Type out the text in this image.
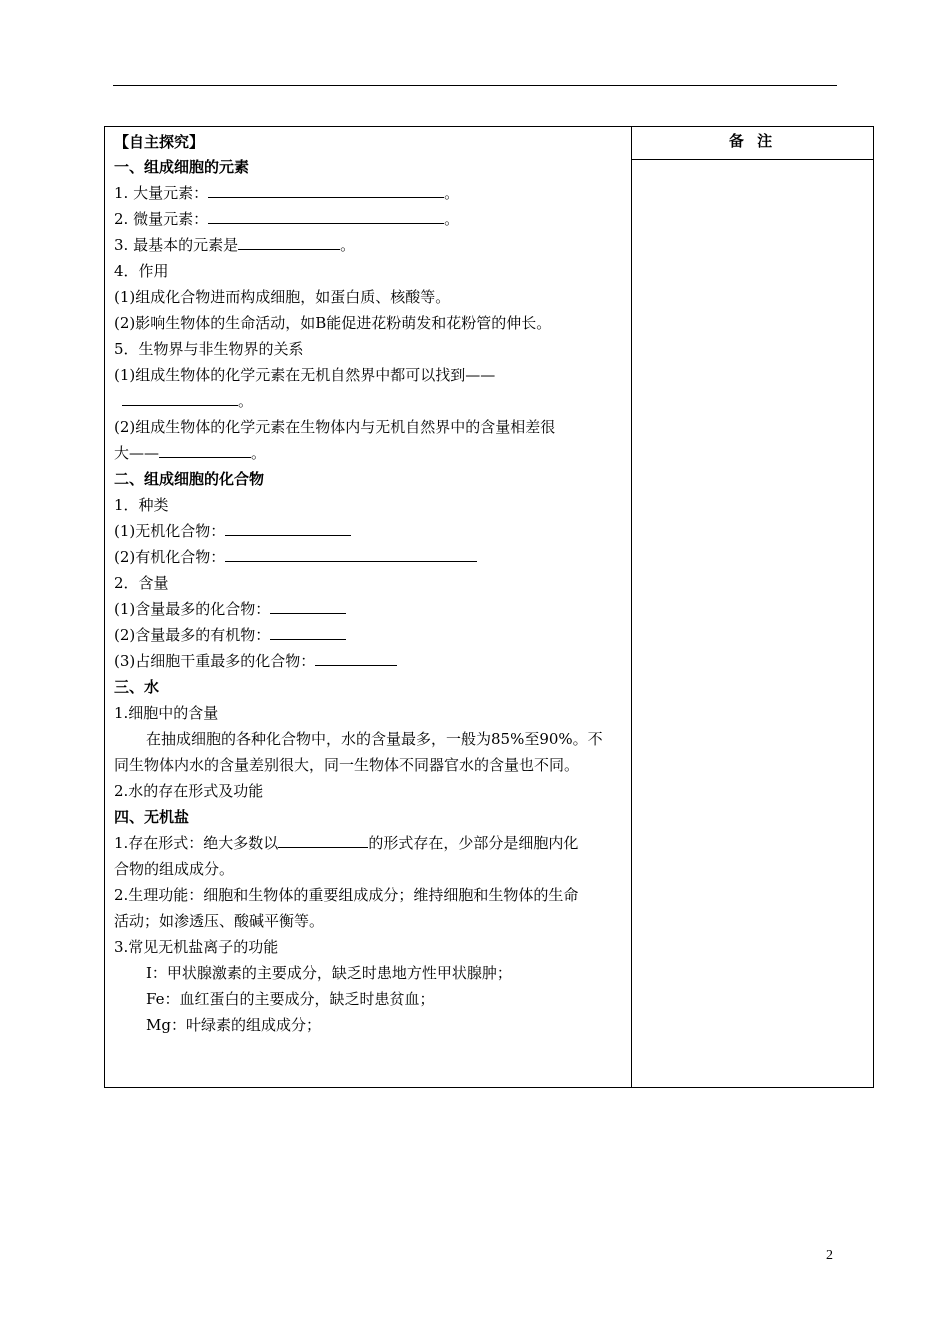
备 注
【自主探究】
一、组成细胞的元素
1. 大量元素：	。
2. 微量元素：	。
3. 最基本的元素是	。
4．作用
(1)组成化合物进而构成细胞，如蛋白质、核酸等。
(2)影响生物体的生命活动，如B能促进花粉萌发和花粉管的伸长。
5．生物界与非生物界的关系
(1)组成生物体的化学元素在无机自然界中都可以找到——
。
(2)组成生物体的化学元素在生物体内与无机自然界中的含量相差很
大——	。
二、组成细胞的化合物
1．种类
(1)无机化合物：
(2)有机化合物：
2．含量
(1)含量最多的化合物：
(2)含量最多的有机物：
(3)占细胞干重最多的化合物：
三、水
1.细胞中的含量
在抽成细胞的各种化合物中，水的含量最多，一般为85%至90%。不
同生物体内水的含量差别很大，同一生物体不同器官水的含量也不同。
2.水的存在形式及功能
四、无机盐
1.存在形式：绝大多数以	的形式存在，少部分是细胞内化
合物的组成成分。
2.生理功能：细胞和生物体的重要组成成分；维持细胞和生物体的生命
活动；如渗透压、酸碱平衡等。
3.常见无机盐离子的功能
I：甲状腺激素的主要成分，缺乏时患地方性甲状腺肿；
Fe：血红蛋白的主要成分，缺乏时患贫血；
Mg：叶绿素的组成成分；
2
